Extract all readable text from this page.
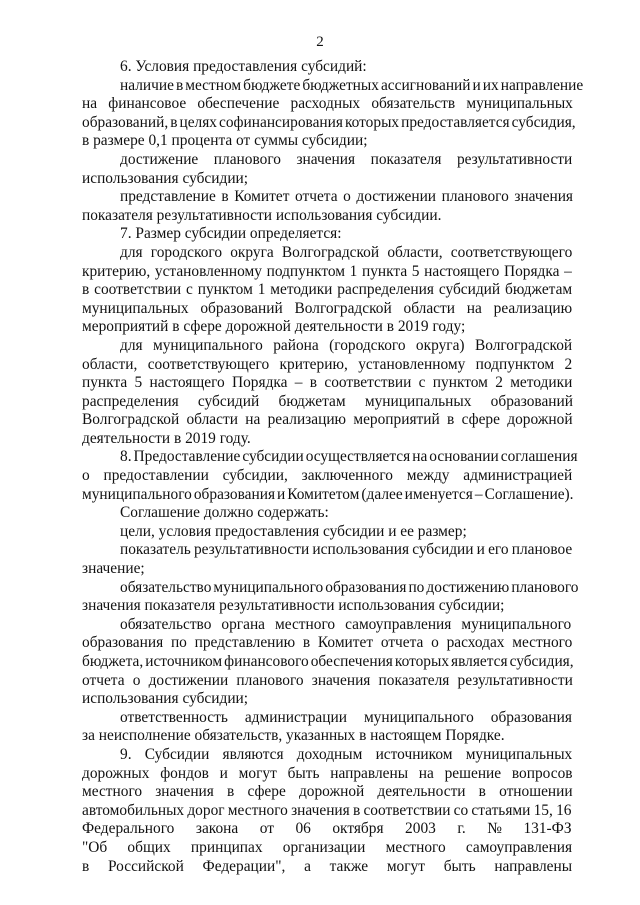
2
6. Условия предоставления субсидий:
наличие в местном бюджете бюджетных ассигнований и их направление
на финансовое обеспечение расходных обязательств муниципальных
образований, в целях софинансирования которых предоставляется субсидия,
в размере 0,1 процента от суммы субсидии;
достижение планового значения показателя результативности
использования субсидии;
представление в Комитет отчета о достижении планового значения
показателя результативности использования субсидии.
7. Размер субсидии определяется:
для городского округа Волгоградской области, соответствующего
критерию, установленному подпунктом 1 пункта 5 настоящего Порядка –
в соответствии с пунктом 1 методики распределения субсидий бюджетам
муниципальных образований Волгоградской области на реализацию
мероприятий в сфере дорожной деятельности в 2019 году;
для муниципального района (городского округа) Волгоградской
области, соответствующего критерию, установленному подпунктом 2
пункта 5 настоящего Порядка – в соответствии с пунктом 2 методики
распределения субсидий бюджетам муниципальных образований
Волгоградской области на реализацию мероприятий в сфере дорожной
деятельности в 2019 году.
8. Предоставление субсидии осуществляется на основании соглашения
о предоставлении субсидии, заключенного между администрацией
муниципального образования и Комитетом (далее именуется – Соглашение).
Соглашение должно содержать:
цели, условия предоставления субсидии и ее размер;
показатель результативности использования субсидии и его плановое
значение;
обязательство муниципального образования по достижению планового
значения показателя результативности использования субсидии;
обязательство органа местного самоуправления муниципального
образования по представлению в Комитет отчета о расходах местного
бюджета, источником финансового обеспечения которых является субсидия,
отчета о достижении планового значения показателя результативности
использования субсидии;
ответственность администрации муниципального образования
за неисполнение обязательств, указанных в настоящем Порядке.
9. Субсидии являются доходным источником муниципальных
дорожных фондов и могут быть направлены на решение вопросов
местного значения в сфере дорожной деятельности в отношении
автомобильных дорог местного значения в соответствии со статьями 15, 16
Федерального закона от 06 октября 2003 г. № 131-ФЗ
"Об общих принципах организации местного самоуправления
в Российской Федерации", а также могут быть направлены
